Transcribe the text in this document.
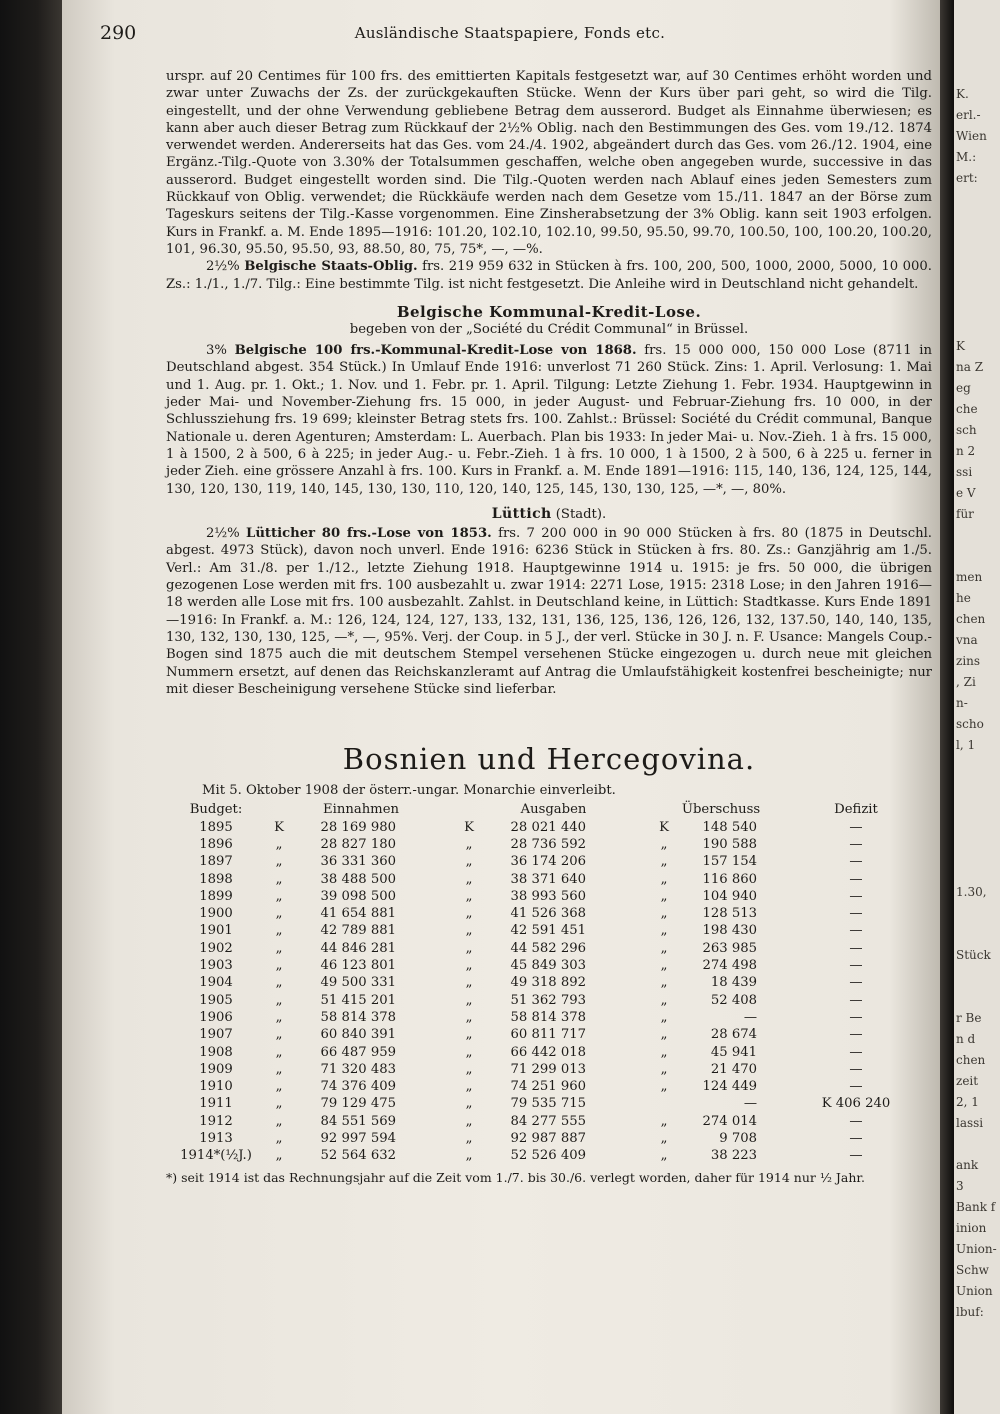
290	Ausländische Staatspapiere, Fonds etc.

urspr. auf 20 Centimes für 100 frs. des emittierten Kapitals festgesetzt war, auf 30 Centimes erhöht worden und zwar unter Zuwachs der Zs. der zurückgekauften Stücke. Wenn der Kurs über pari geht, so wird die Tilg. eingestellt, und der ohne Verwendung gebliebene Betrag dem ausserord. Budget als Einnahme überwiesen; es kann aber auch dieser Betrag zum Rückkauf der 2½% Oblig. nach den Bestimmungen des Ges. vom 19./12. 1874 verwendet werden. Andererseits hat das Ges. vom 24./4. 1902, abgeändert durch das Ges. vom 26./12. 1904, eine Ergänz.-Tilg.-Quote von 3.30% der Totalsummen geschaffen, welche oben angegeben wurde, successive in das ausserord. Budget eingestellt worden sind. Die Tilg.-Quoten werden nach Ablauf eines jeden Semesters zum Rückkauf von Oblig. verwendet; die Rückkäufe werden nach dem Gesetze vom 15./11. 1847 an der Börse zum Tageskurs seitens der Tilg.-Kasse vorgenommen. Eine Zinsherabsetzung der 3% Oblig. kann seit 1903 erfolgen. Kurs in Frankf. a. M. Ende 1895—1916: 101.20, 102.10, 102.10, 99.50, 95.50, 99.70, 100.50, 100, 100.20, 100.20, 101, 96.30, 95.50, 95.50, 93, 88.50, 80, 75, 75*, —, —%.

2½% Belgische Staats-Oblig. frs. 219 959 632 in Stücken à frs. 100, 200, 500, 1000, 2000, 5000, 10 000. Zs.: 1./1., 1./7. Tilg.: Eine bestimmte Tilg. ist nicht festgesetzt. Die Anleihe wird in Deutschland nicht gehandelt.

Belgische Kommunal-Kredit-Lose.
begeben von der „Société du Crédit Communal“ in Brüssel.

3% Belgische 100 frs.-Kommunal-Kredit-Lose von 1868. frs. 15 000 000, 150 000 Lose (8711 in Deutschland abgest. 354 Stück.) In Umlauf Ende 1916: unverlost 71 260 Stück. Zins: 1. April. Verlosung: 1. Mai und 1. Aug. pr. 1. Okt.; 1. Nov. und 1. Febr. pr. 1. April. Tilgung: Letzte Ziehung 1. Febr. 1934. Hauptgewinn in jeder Mai- und November-Ziehung frs. 15 000, in jeder August- und Februar-Ziehung frs. 10 000, in der Schlussziehung frs. 19 699; kleinster Betrag stets frs. 100. Zahlst.: Brüssel: Société du Crédit communal, Banque Nationale u. deren Agenturen; Amsterdam: L. Auerbach. Plan bis 1933: In jeder Mai- u. Nov.-Zieh. 1 à frs. 15 000, 1 à 1500, 2 à 500, 6 à 225; in jeder Aug.- u. Febr.-Zieh. 1 à frs. 10 000, 1 à 1500, 2 à 500, 6 à 225 u. ferner in jeder Zieh. eine grössere Anzahl à frs. 100. Kurs in Frankf. a. M. Ende 1891—1916: 115, 140, 136, 124, 125, 144, 130, 120, 130, 119, 140, 145, 130, 130, 110, 120, 140, 125, 145, 130, 130, 125, —*, —, 80%.

Lüttich (Stadt).

2½% Lütticher 80 frs.-Lose von 1853. frs. 7 200 000 in 90 000 Stücken à frs. 80 (1875 in Deutschl. abgest. 4973 Stück), davon noch unverl. Ende 1916: 6236 Stück in Stücken à frs. 80. Zs.: Ganzjährig am 1./5. Verl.: Am 31./8. per 1./12., letzte Ziehung 1918. Hauptgewinne 1914 u. 1915: je frs. 50 000, die übrigen gezogenen Lose werden mit frs. 100 ausbezahlt u. zwar 1914: 2271 Lose, 1915: 2318 Lose; in den Jahren 1916—18 werden alle Lose mit frs. 100 ausbezahlt. Zahlst. in Deutschland keine, in Lüttich: Stadtkasse. Kurs Ende 1891—1916: In Frankf. a. M.: 126, 124, 124, 127, 133, 132, 131, 136, 125, 136, 126, 126, 132, 137.50, 140, 140, 135, 130, 132, 130, 130, 125, —*, —, 95%. Verj. der Coup. in 5 J., der verl. Stücke in 30 J. n. F. Usance: Mangels Coup.-Bogen sind 1875 auch die mit deutschem Stempel versehenen Stücke eingezogen u. durch neue mit gleichen Nummern ersetzt, auf denen das Reichskanzleramt auf Antrag die Umlaufstähigkeit kostenfrei bescheinigte; nur mit dieser Bescheinigung versehene Stücke sind lieferbar.

Bosnien und Hercegovina.
Mit 5. Oktober 1908 der österr.-ungar. Monarchie einverleibt.
Budget:	Einnahmen	Ausgaben	Überschuss	Defizit
1895	K 28 169 980	K 28 021 440	K 148 540	—
1896	„ 28 827 180	„ 28 736 592	„ 190 588	—
1897	„ 36 331 360	„ 36 174 206	„ 157 154	—
1898	„ 38 488 500	„ 38 371 640	„ 116 860	—
1899	„ 39 098 500	„ 38 993 560	„ 104 940	—
1900	„ 41 654 881	„ 41 526 368	„ 128 513	—
1901	„ 42 789 881	„ 42 591 451	„ 198 430	—
1902	„ 44 846 281	„ 44 582 296	„ 263 985	—
1903	„ 46 123 801	„ 45 849 303	„ 274 498	—
1904	„ 49 500 331	„ 49 318 892	„ 18 439	—
1905	„ 51 415 201	„ 51 362 793	„ 52 408	—
1906	„ 58 814 378	„ 58 814 378	„ —	—
1907	„ 60 840 391	„ 60 811 717	„ 28 674	—
1908	„ 66 487 959	„ 66 442 018	„ 45 941	—
1909	„ 71 320 483	„ 71 299 013	„ 21 470	—
1910	„ 74 376 409	„ 74 251 960	„ 124 449	—
1911	„ 79 129 475	„ 79 535 715	—	K 406 240
1912	„ 84 551 569	„ 84 277 555	„ 274 014	—
1913	„ 92 997 594	„ 92 987 887	„ 9 708	—
1914*(½J.)	„ 52 564 632	„ 52 526 409	„ 38 223	—
*) seit 1914 ist das Rechnungsjahr auf die Zeit vom 1./7. bis 30./6. verlegt worden, daher für 1914 nur ½ Jahr.
K.
erl.-
Wien
M.:
ert:
K
na Z
eg
che
sch
n 2
ssi
e V
für
men
he
chen
vna
zins
, Zi
n-
scho
l, 1
1.30,
Stück
r Be
n d
chen
zeit
2, 1
lassi
ank
3
Bank f
inion
Union-
Schw
Union
lbuf:
